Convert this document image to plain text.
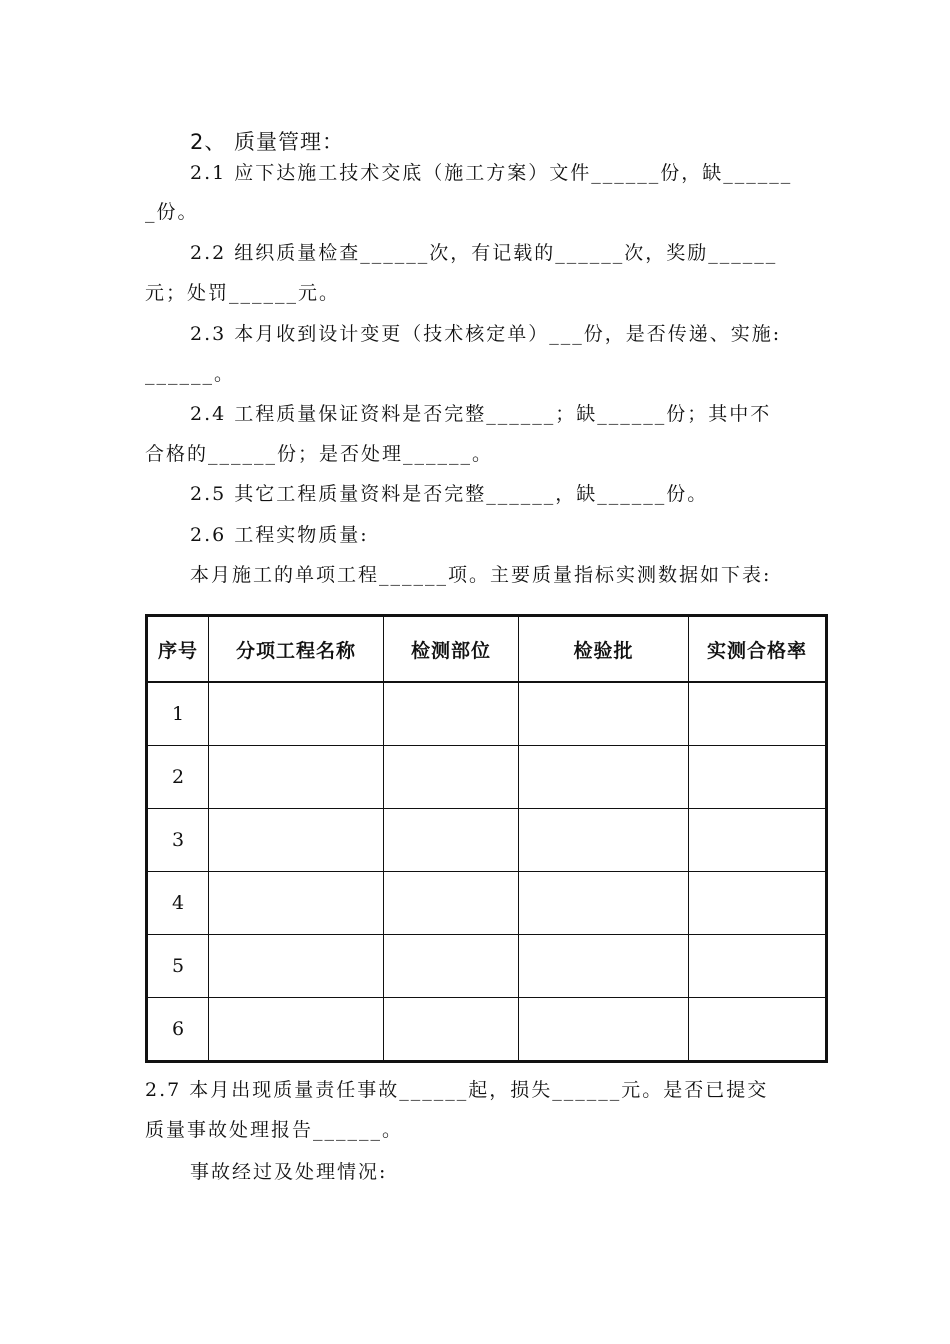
2、 质量管理：
2.1 应下达施工技术交底（施工方案）文件______份，缺______
_份。
2.2 组织质量检查______次，有记载的______次，奖励______
元；处罚______元。
2.3 本月收到设计变更（技术核定单）___份，是否传递、实施:
______。
2.4 工程质量保证资料是否完整______；缺______份；其中不
合格的______份；是否处理______。
2.5 其它工程质量资料是否完整______，缺______份。
2.6 工程实物质量:
本月施工的单项工程______项。主要质量指标实测数据如下表:
序号	分项工程名称	检测部位	检验批	实测合格率
1				
2				
3				
4				
5				
6				
2.7 本月出现质量责任事故______起，损失______元。是否已提交
质量事故处理报告______。
事故经过及处理情况:
